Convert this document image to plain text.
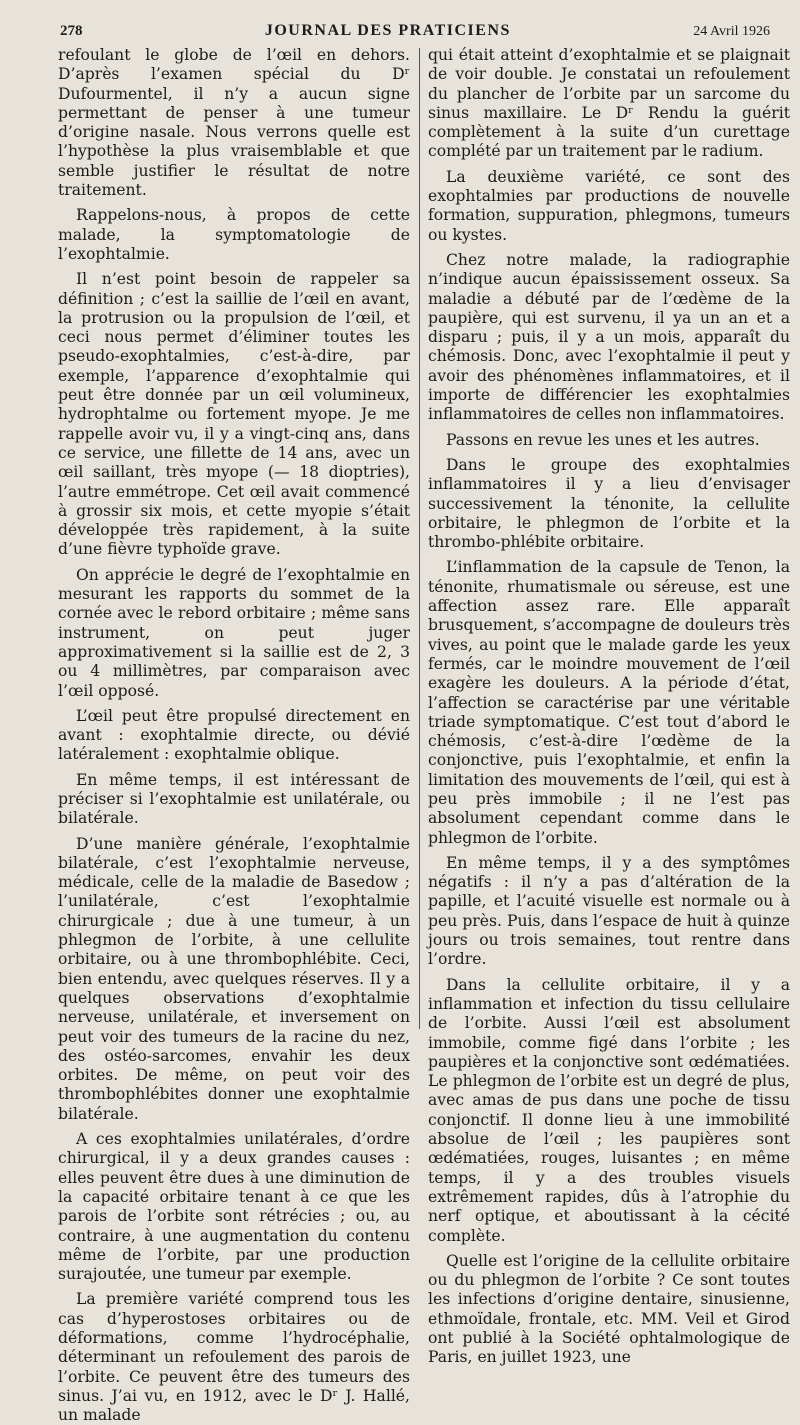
278	JOURNAL DES PRATICIENS	24 Avril 1926

refoulant le globe de l’œil en dehors. D’après l’examen spécial du Dʳ Dufourmentel, il n’y a aucun signe permettant de penser à une tumeur d’origine nasale. Nous verrons quelle est l’hypothèse la plus vraisemblable et que semble justifier le résultat de notre traitement.

Rappelons-nous, à propos de cette malade, la symptomatologie de l’exophtalmie.

Il n’est point besoin de rappeler sa définition ; c’est la saillie de l’œil en avant, la protrusion ou la propulsion de l’œil, et ceci nous permet d’éliminer toutes les pseudo-exophtalmies, c’est-à-dire, par exemple, l’apparence d’exophtalmie qui peut être donnée par un œil volumineux, hydrophtalme ou fortement myope. Je me rappelle avoir vu, il y a vingt-cinq ans, dans ce service, une fillette de 14 ans, avec un œil saillant, très myope (— 18 dioptries), l’autre emmétrope. Cet œil avait commencé à grossir six mois, et cette myopie s’était développée très rapidement, à la suite d’une fièvre typhoïde grave.

On apprécie le degré de l’exophtalmie en mesurant les rapports du sommet de la cornée avec le rebord orbitaire ; même sans instrument, on peut juger approximativement si la saillie est de 2, 3 ou 4 millimètres, par comparaison avec l’œil opposé.

L’œil peut être propulsé directement en avant : exophtalmie directe, ou dévié latéralement : exophtalmie oblique.

En même temps, il est intéressant de préciser si l’exophtalmie est unilatérale, ou bilatérale.

D’une manière générale, l’exophtalmie bilatérale, c’est l’exophtalmie nerveuse, médicale, celle de la maladie de Basedow ; l’unilatérale, c’est l’exophtalmie chirurgicale ; due à une tumeur, à un phlegmon de l’orbite, à une cellulite orbitaire, ou à une thrombophlébite. Ceci, bien entendu, avec quelques réserves. Il y a quelques observations d’exophtalmie nerveuse, unilatérale, et inversement on peut voir des tumeurs de la racine du nez, des ostéo-sarcomes, envahir les deux orbites. De même, on peut voir des thrombophlébites donner une exophtalmie bilatérale.

A ces exophtalmies unilatérales, d’ordre chirurgical, il y a deux grandes causes : elles peuvent être dues à une diminution de la capacité orbitaire tenant à ce que les parois de l’orbite sont rétrécies ; ou, au contraire, à une augmentation du contenu même de l’orbite, par une production surajoutée, une tumeur par exemple.

La première variété comprend tous les cas d’hyperostoses orbitaires ou de déformations, comme l’hydrocéphalie, déterminant un refoulement des parois de l’orbite. Ce peuvent être des tumeurs des sinus. J’ai vu, en 1912, avec le Dʳ J. Hallé, un malade

qui était atteint d’exophtalmie et se plaignait de voir double. Je constatai un refoulement du plancher de l’orbite par un sarcome du sinus maxillaire. Le Dʳ Rendu la guérit complètement à la suite d’un curettage complété par un traitement par le radium.

La deuxième variété, ce sont des exophtalmies par productions de nouvelle formation, suppuration, phlegmons, tumeurs ou kystes.

Chez notre malade, la radiographie n’indique aucun épaississement osseux. Sa maladie a débuté par de l’œdème de la paupière, qui est survenu, il ya un an et a disparu ; puis, il y a un mois, apparaît du chémosis. Donc, avec l’exophtalmie il peut y avoir des phénomènes inflammatoires, et il importe de différencier les exophtalmies inflammatoires de celles non inflammatoires.

Passons en revue les unes et les autres.

Dans le groupe des exophtalmies inflammatoires il y a lieu d’envisager successivement la ténonite, la cellulite orbitaire, le phlegmon de l’orbite et la thrombo-phlébite orbitaire.

L’inflammation de la capsule de Tenon, la ténonite, rhumatismale ou séreuse, est une affection assez rare. Elle apparaît brusquement, s’accompagne de douleurs très vives, au point que le malade garde les yeux fermés, car le moindre mouvement de l’œil exagère les douleurs. A la période d’état, l’affection se caractérise par une véritable triade symptomatique. C’est tout d’abord le chémosis, c’est-à-dire l’œdème de la conjonctive, puis l’exophtalmie, et enfin la limitation des mouvements de l’œil, qui est à peu près immobile ; il ne l’est pas absolument cependant comme dans le phlegmon de l’orbite.

En même temps, il y a des symptômes négatifs : il n’y a pas d’altération de la papille, et l’acuité visuelle est normale ou à peu près. Puis, dans l’espace de huit à quinze jours ou trois semaines, tout rentre dans l’ordre.

Dans la cellulite orbitaire, il y a inflammation et infection du tissu cellulaire de l’orbite. Aussi l’œil est absolument immobile, comme figé dans l’orbite ; les paupières et la conjonctive sont œdématiées. Le phlegmon de l’orbite est un degré de plus, avec amas de pus dans une poche de tissu conjonctif. Il donne lieu à une immobilité absolue de l’œil ; les paupières sont œdématiées, rouges, luisantes ; en même temps, il y a des troubles visuels extrêmement rapides, dûs à l’atrophie du nerf optique, et aboutissant à la cécité complète.

Quelle est l’origine de la cellulite orbitaire ou du phlegmon de l’orbite ? Ce sont toutes les infections d’origine dentaire, sinusienne, ethmoïdale, frontale, etc. MM. Veil et Girod ont publié à la Société ophtalmologique de Paris, en juillet 1923, une
